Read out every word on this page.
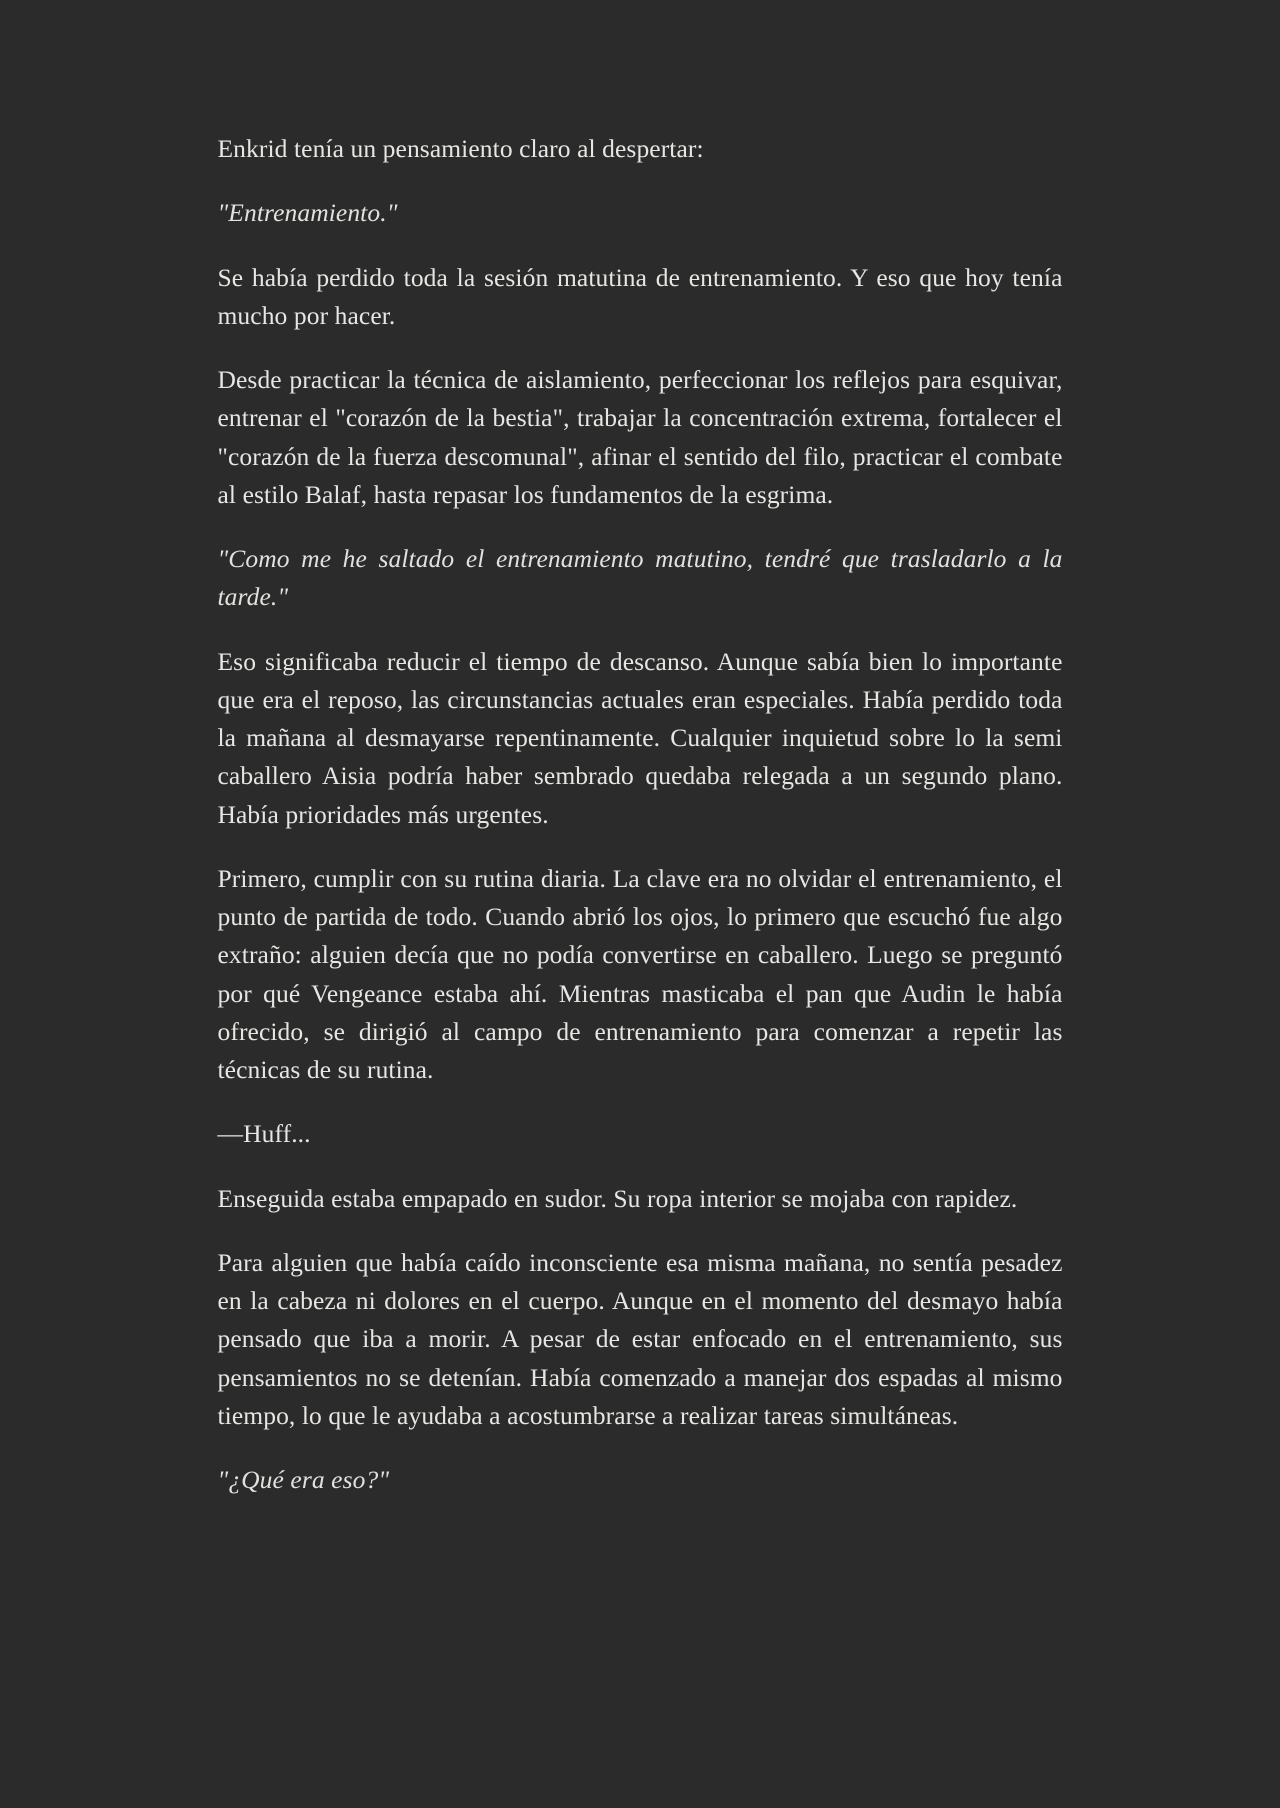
Enkrid tenía un pensamiento claro al despertar:

"Entrenamiento."

Se había perdido toda la sesión matutina de entrenamiento. Y eso que hoy tenía mucho por hacer.

Desde practicar la técnica de aislamiento, perfeccionar los reflejos para esquivar, entrenar el "corazón de la bestia", trabajar la concentración extrema, fortalecer el "corazón de la fuerza descomunal", afinar el sentido del filo, practicar el combate al estilo Balaf, hasta repasar los fundamentos de la esgrima.

"Como me he saltado el entrenamiento matutino, tendré que trasladarlo a la tarde."

Eso significaba reducir el tiempo de descanso. Aunque sabía bien lo importante que era el reposo, las circunstancias actuales eran especiales. Había perdido toda la mañana al desmayarse repentinamente. Cualquier inquietud sobre lo la semi caballero Aisia podría haber sembrado quedaba relegada a un segundo plano. Había prioridades más urgentes.

Primero, cumplir con su rutina diaria. La clave era no olvidar el entrenamiento, el punto de partida de todo. Cuando abrió los ojos, lo primero que escuchó fue algo extraño: alguien decía que no podía convertirse en caballero. Luego se preguntó por qué Vengeance estaba ahí. Mientras masticaba el pan que Audin le había ofrecido, se dirigió al campo de entrenamiento para comenzar a repetir las técnicas de su rutina.

—Huff...

Enseguida estaba empapado en sudor. Su ropa interior se mojaba con rapidez.

Para alguien que había caído inconsciente esa misma mañana, no sentía pesadez en la cabeza ni dolores en el cuerpo. Aunque en el momento del desmayo había pensado que iba a morir. A pesar de estar enfocado en el entrenamiento, sus pensamientos no se detenían. Había comenzado a manejar dos espadas al mismo tiempo, lo que le ayudaba a acostumbrarse a realizar tareas simultáneas.

"¿Qué era eso?"
